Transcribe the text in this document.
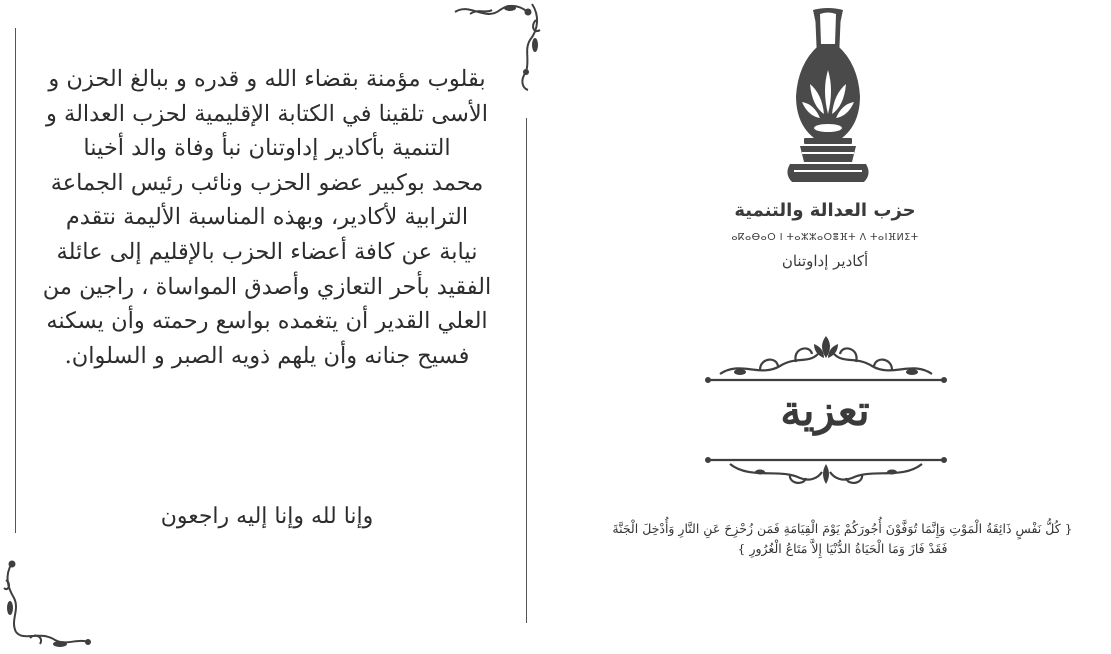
بقلوب مؤمنة بقضاء الله و قدره و ببالغ الحزن و
الأسى تلقينا في الكتابة الإقليمية لحزب العدالة و
التنمية بأكادير إداوتنان نبأ وفاة والد أخينا
محمد بوكبير عضو الحزب ونائب رئيس الجماعة
الترابية لأكادير، وبهذه المناسبة الأليمة نتقدم
نيابة عن كافة أعضاء الحزب بالإقليم إلى عائلة
الفقيد بأحر التعازي وأصدق المواساة ، راجين من
العلي القدير أن يتغمده بواسع رحمته وأن يسكنه
فسيح جنانه وأن يلهم ذويه الصبر و السلوان.
وإنا لله وإنا إليه راجعون
حزب العدالة والتنمية
ⴰⴽⴰⴱⴰⵔ ⵏ ⵜⴰⵣⵣⴰⵔⴻⴼⵜ ⴷ ⵜⴰⵏⴼⵍⵉⵜ
أكادير إداوتنان
تعزية
{ كُلُّ نَفْسٍ ذَائِقَةُ الْمَوْتِ وَإِنَّمَا تُوَفَّوْنَ أُجُورَكُمْ يَوْمَ الْقِيَامَةِ فَمَن زُحْزِحَ عَنِ النَّارِ وَأُدْخِلَ الْجَنَّةَ
فَقَدْ فَازَ وَمَا الْحَيَاةُ الدُّنْيَا إِلاَّ مَتَاعُ الْغُرُورِ }
